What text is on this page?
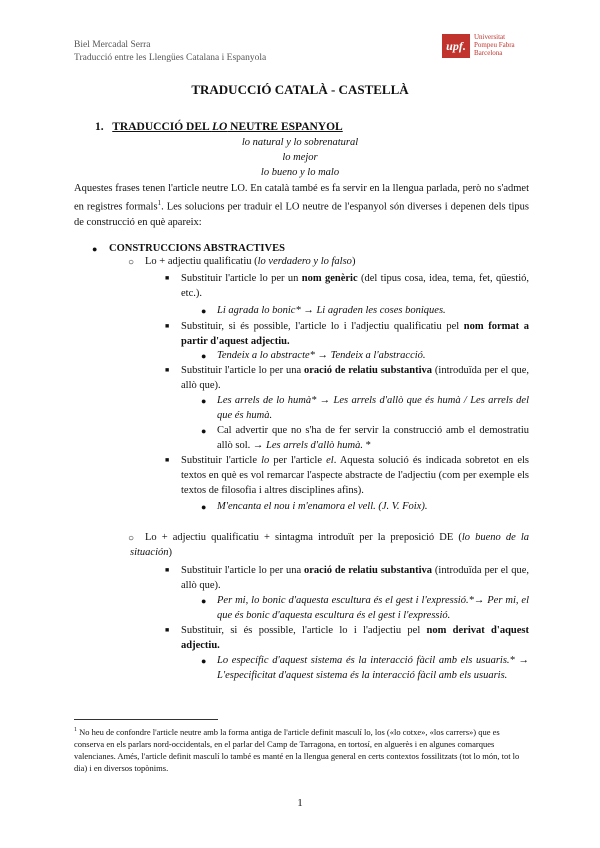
Biel Mercadal Serra
Traducció entre les Llengües Catalana i Espanyola
upf.
Universitat
Pompeu Fabra
Barcelona
TRADUCCIÓ CATALÀ - CASTELLÀ
1. TRADUCCIÓ DEL LO NEUTRE ESPANYOL
lo natural y lo sobrenatural
lo mejor
lo bueno y lo malo
Aquestes frases tenen l'article neutre LO. En català també es fa servir en la llengua parlada, però no s'admet en registres formals$^1$. Les solucions per traduir el LO neutre de l'espanyol són diverses i depenen dels tipus de construcció en què apareix:
● CONSTRUCCIONS ABSTRACTIVES
○ Lo + adjectiu qualificatiu (lo verdadero y lo falso)
■ Substituir l'article lo per un nom genèric (del tipus cosa, idea, tema, fet, qüestió, etc.).
● Li agrada lo bonic* → Li agraden les coses boniques.
■ Substituir, si és possible, l'article lo i l'adjectiu qualificatiu pel nom format a partir d'aquest adjectiu.
● Tendeix a lo abstracte* → Tendeix a l'abstracció.
■ Substituir l'article lo per una oració de relatiu substantiva (introduïda per el que, allò que).
● Les arrels de lo humà* → Les arrels d'allò que és humà / Les arrels del que és humà.
● Cal advertir que no s'ha de fer servir la construcció amb el demostratiu allò sol. → Les arrels d'allò humà. *
■ Substituir l'article lo per l'article el. Aquesta solució és indicada sobretot en els textos en què es vol remarcar l'aspecte abstracte de l'adjectiu (com per exemple els textos de filosofia i altres disciplines afins).
● M'encanta el nou i m'enamora el vell. (J. V. Foix).
○	Lo + adjectiu qualificatiu + sintagma introduït per la preposició DE (lo bueno de la situación)
■ Substituir l'article lo per una oració de relatiu substantiva (introduïda per el que, allò que).
● Per mi, lo bonic d'aquesta escultura és el gest i l'expressió.*→ Per mi, el que és bonic d'aquesta escultura és el gest i l'expressió.
■ Substituir, si és possible, l'article lo i l'adjectiu pel nom derivat d'aquest adjectiu.
● Lo específic d'aquest sistema és la interacció fàcil amb els usuaris.* → L'especificitat d'aquest sistema és la interacció fàcil amb els usuaris.
$^1$ No heu de confondre l'article neutre amb la forma antiga de l'article definit masculí lo, los («lo cotxe», «los carrers») que es conserva en els parlars nord-occidentals, en el parlar del Camp de Tarragona, en tortosí, en alguerès i en algunes comarques valencianes. Amés, l'article definit masculí lo també es manté en la llengua general en certs contextos fossilitzats (tot lo món, tot lo dia) i en diversos topònims.
1
